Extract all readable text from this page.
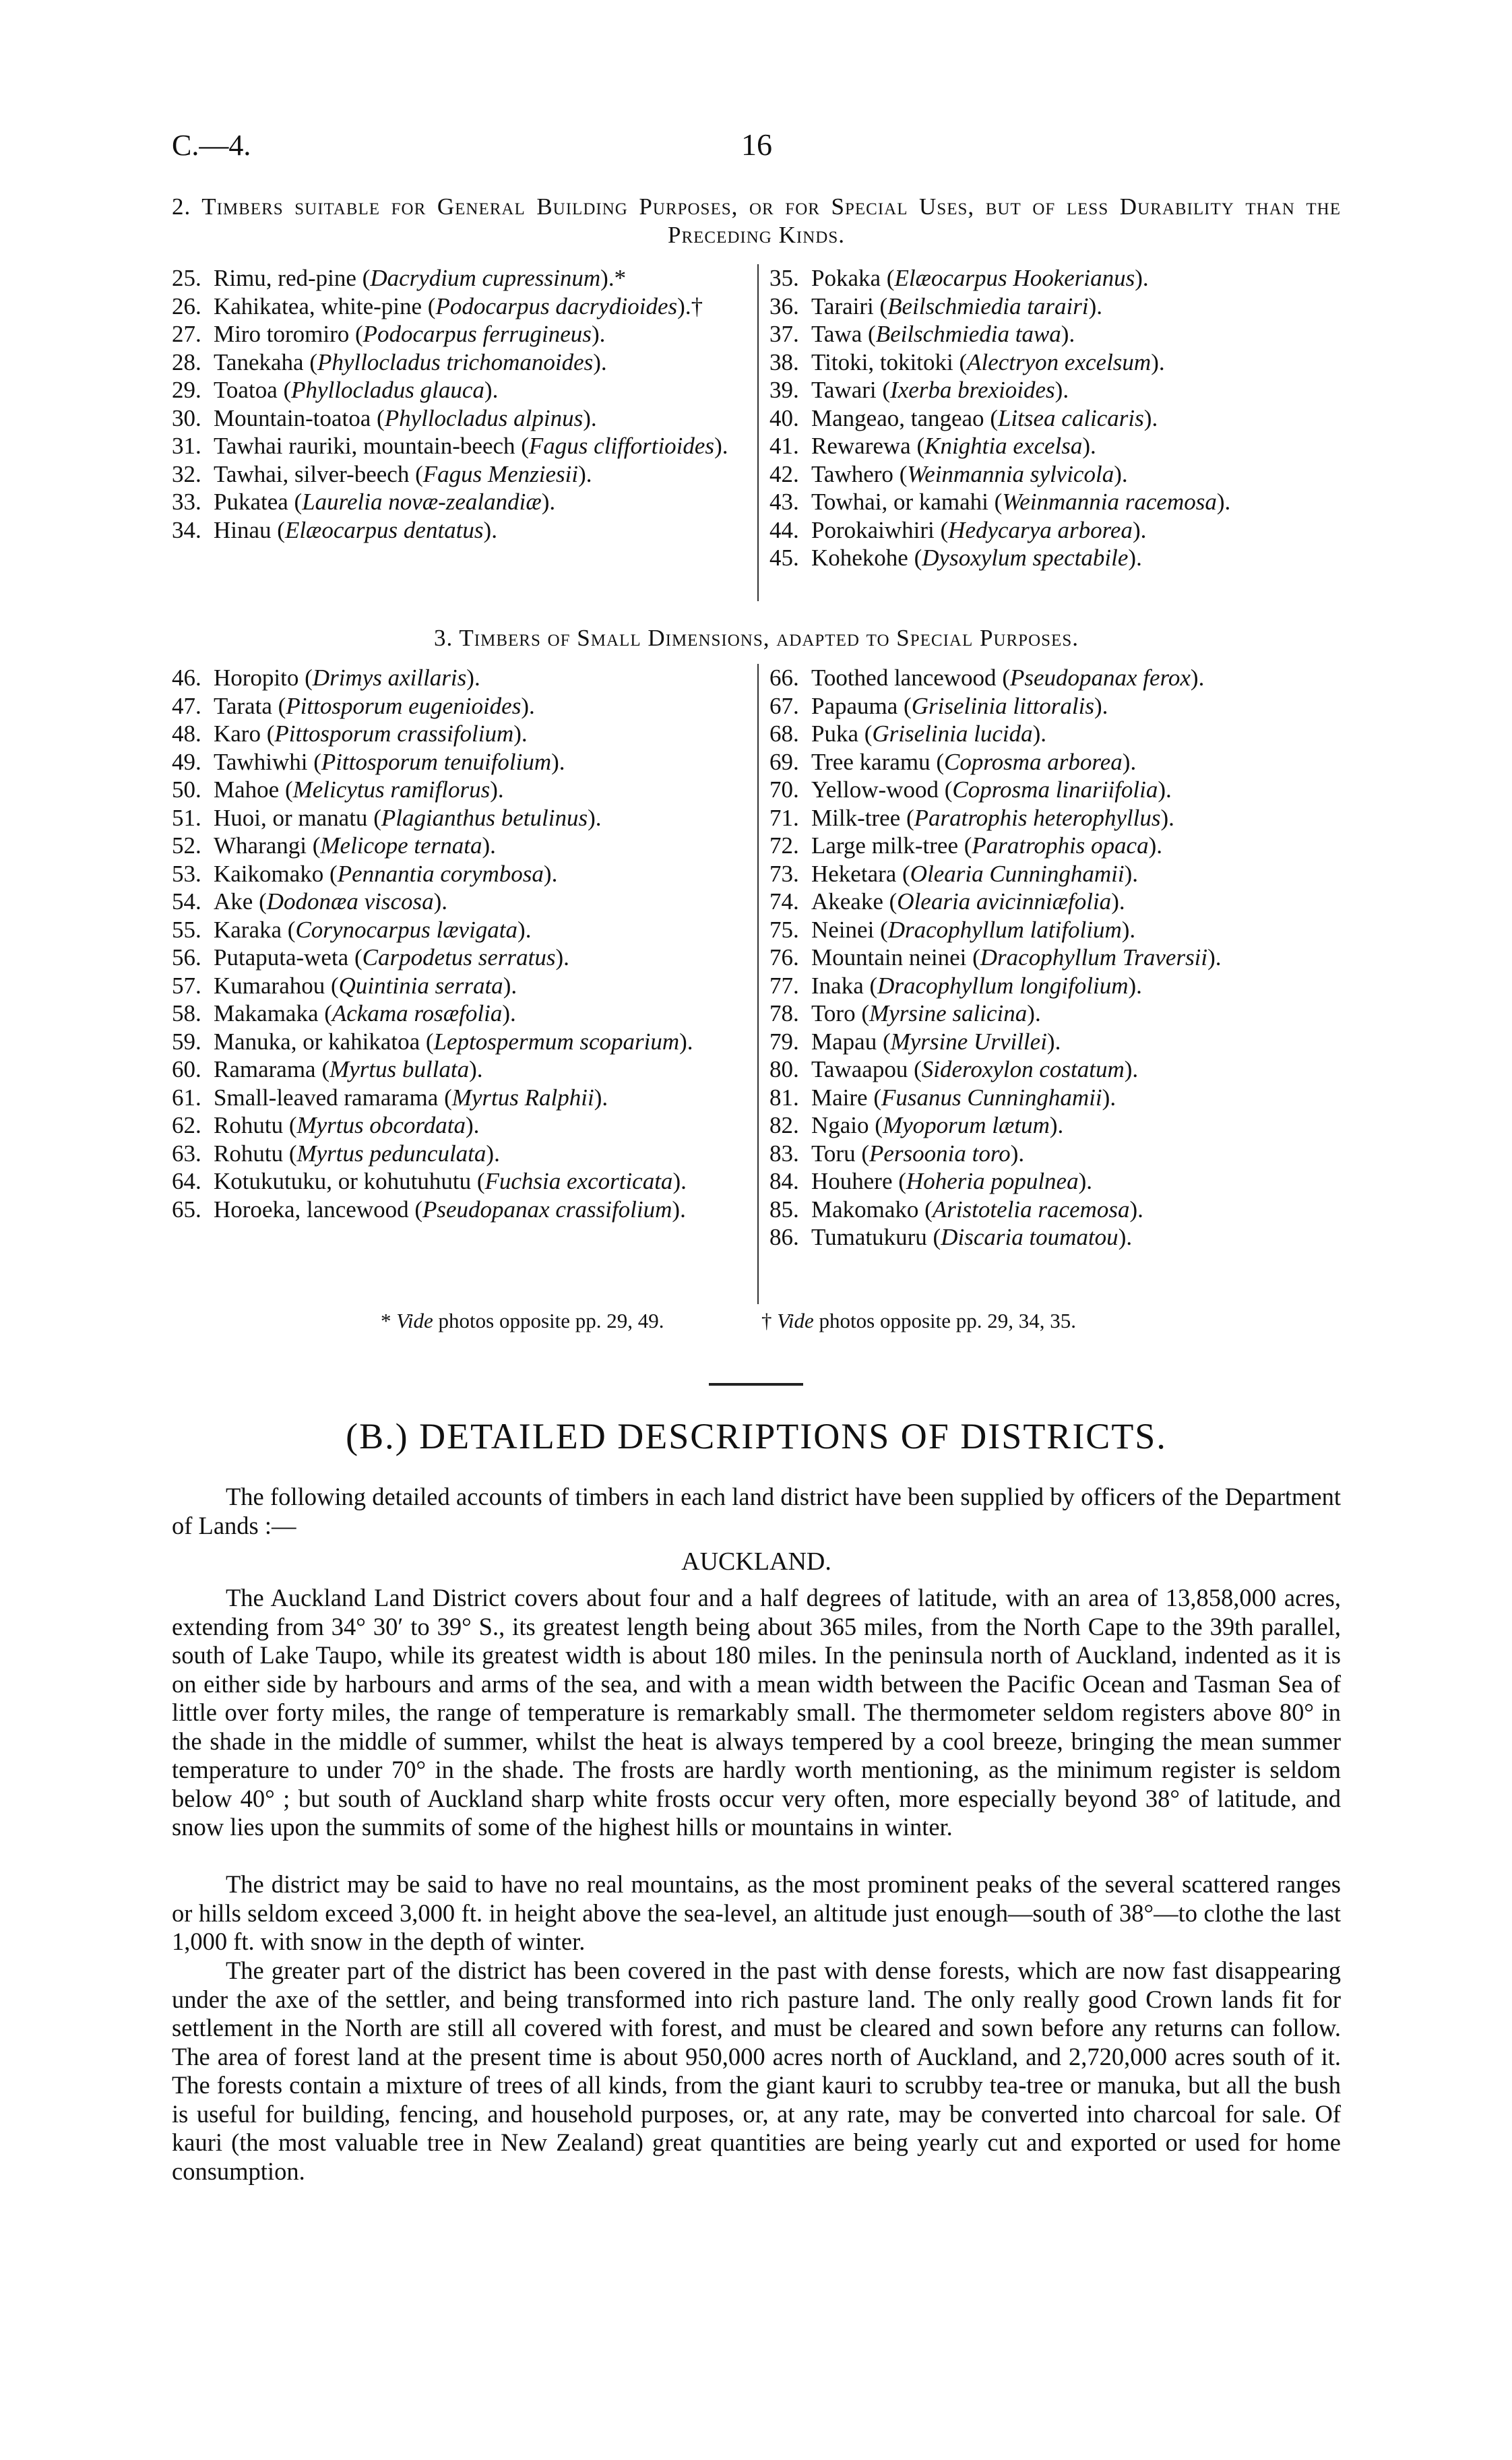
C.—4.	16
2. Timbers suitable for General Building Purposes, or for Special Uses, but of less Durability than the Preceding Kinds.
25. Rimu, red-pine (Dacrydium cupressinum).*
26. Kahikatea, white-pine (Podocarpus dacrydioides).†
27. Miro toromiro (Podocarpus ferrugineus).
28. Tanekaha (Phyllocladus trichomanoides).
29. Toatoa (Phyllocladus glauca).
30. Mountain-toatoa (Phyllocladus alpinus).
31. Tawhai rauriki, mountain-beech (Fagus cliffortioides).
32. Tawhai, silver-beech (Fagus Menziesii).
33. Pukatea (Laurelia novæ-zealandiæ).
34. Hinau (Elæocarpus dentatus).
35. Pokaka (Elæocarpus Hookerianus).
36. Tarairi (Beilschmiedia tarairi).
37. Tawa (Beilschmiedia tawa).
38. Titoki, tokitoki (Alectryon excelsum).
39. Tawari (Ixerba brexioides).
40. Mangeao, tangeao (Litsea calicaris).
41. Rewarewa (Knightia excelsa).
42. Tawhero (Weinmannia sylvicola).
43. Towhai, or kamahi (Weinmannia racemosa).
44. Porokaiwhiri (Hedycarya arborea).
45. Kohekohe (Dysoxylum spectabile).
3. Timbers of Small Dimensions, adapted to Special Purposes.
46. Horopito (Drimys axillaris).
47. Tarata (Pittosporum eugenioides).
48. Karo (Pittosporum crassifolium).
49. Tawhiwhi (Pittosporum tenuifolium).
50. Mahoe (Melicytus ramiflorus).
51. Huoi, or manatu (Plagianthus betulinus).
52. Wharangi (Melicope ternata).
53. Kaikomako (Pennantia corymbosa).
54. Ake (Dodonæa viscosa).
55. Karaka (Corynocarpus lævigata).
56. Putaputa-weta (Carpodetus serratus).
57. Kumarahou (Quintinia serrata).
58. Makamaka (Ackama rosæfolia).
59. Manuka, or kahikatoa (Leptospermum scoparium).
60. Ramarama (Myrtus bullata).
61. Small-leaved ramarama (Myrtus Ralphii).
62. Rohutu (Myrtus obcordata).
63. Rohutu (Myrtus pedunculata).
64. Kotukutuku, or kohutuhutu (Fuchsia excorticata).
65. Horoeka, lancewood (Pseudopanax crassifolium).
66. Toothed lancewood (Pseudopanax ferox).
67. Papauma (Griselinia littoralis).
68. Puka (Griselinia lucida).
69. Tree karamu (Coprosma arborea).
70. Yellow-wood (Coprosma linariifolia).
71. Milk-tree (Paratrophis heterophyllus).
72. Large milk-tree (Paratrophis opaca).
73. Heketara (Olearia Cunninghamii).
74. Akeake (Olearia avicinniæfolia).
75. Neinei (Dracophyllum latifolium).
76. Mountain neinei (Dracophyllum Traversii).
77. Inaka (Dracophyllum longifolium).
78. Toro (Myrsine salicina).
79. Mapau (Myrsine Urvillei).
80. Tawaapou (Sideroxylon costatum).
81. Maire (Fusanus Cunninghamii).
82. Ngaio (Myoporum lætum).
83. Toru (Persoonia toro).
84. Houhere (Hoheria populnea).
85. Makomako (Aristotelia racemosa).
86. Tumatukuru (Discaria toumatou).
* Vide photos opposite pp. 29, 49.	† Vide photos opposite pp. 29, 34, 35.
(B.) DETAILED DESCRIPTIONS OF DISTRICTS.

The following detailed accounts of timbers in each land district have been supplied by officers of the Department of Lands :—

AUCKLAND.

The Auckland Land District covers about four and a half degrees of latitude, with an area of 13,858,000 acres, extending from 34° 30′ to 39° S., its greatest length being about 365 miles, from the North Cape to the 39th parallel, south of Lake Taupo, while its greatest width is about 180 miles. In the peninsula north of Auckland, indented as it is on either side by harbours and arms of the sea, and with a mean width between the Pacific Ocean and Tasman Sea of little over forty miles, the range of temperature is remarkably small. The thermometer seldom registers above 80° in the shade in the middle of summer, whilst the heat is always tempered by a cool breeze, bringing the mean summer temperature to under 70° in the shade. The frosts are hardly worth mentioning, as the minimum register is seldom below 40° ; but south of Auckland sharp white frosts occur very often, more especially beyond 38° of latitude, and snow lies upon the summits of some of the highest hills or mountains in winter.

The district may be said to have no real mountains, as the most prominent peaks of the several scattered ranges or hills seldom exceed 3,000 ft. in height above the sea-level, an altitude just enough—south of 38°—to clothe the last 1,000 ft. with snow in the depth of winter.

The greater part of the district has been covered in the past with dense forests, which are now fast disappearing under the axe of the settler, and being transformed into rich pasture land. The only really good Crown lands fit for settlement in the North are still all covered with forest, and must be cleared and sown before any returns can follow. The area of forest land at the present time is about 950,000 acres north of Auckland, and 2,720,000 acres south of it. The forests contain a mixture of trees of all kinds, from the giant kauri to scrubby tea-tree or manuka, but all the bush is useful for building, fencing, and household purposes, or, at any rate, may be converted into charcoal for sale. Of kauri (the most valuable tree in New Zealand) great quantities are being yearly cut and exported or used for home consumption.
